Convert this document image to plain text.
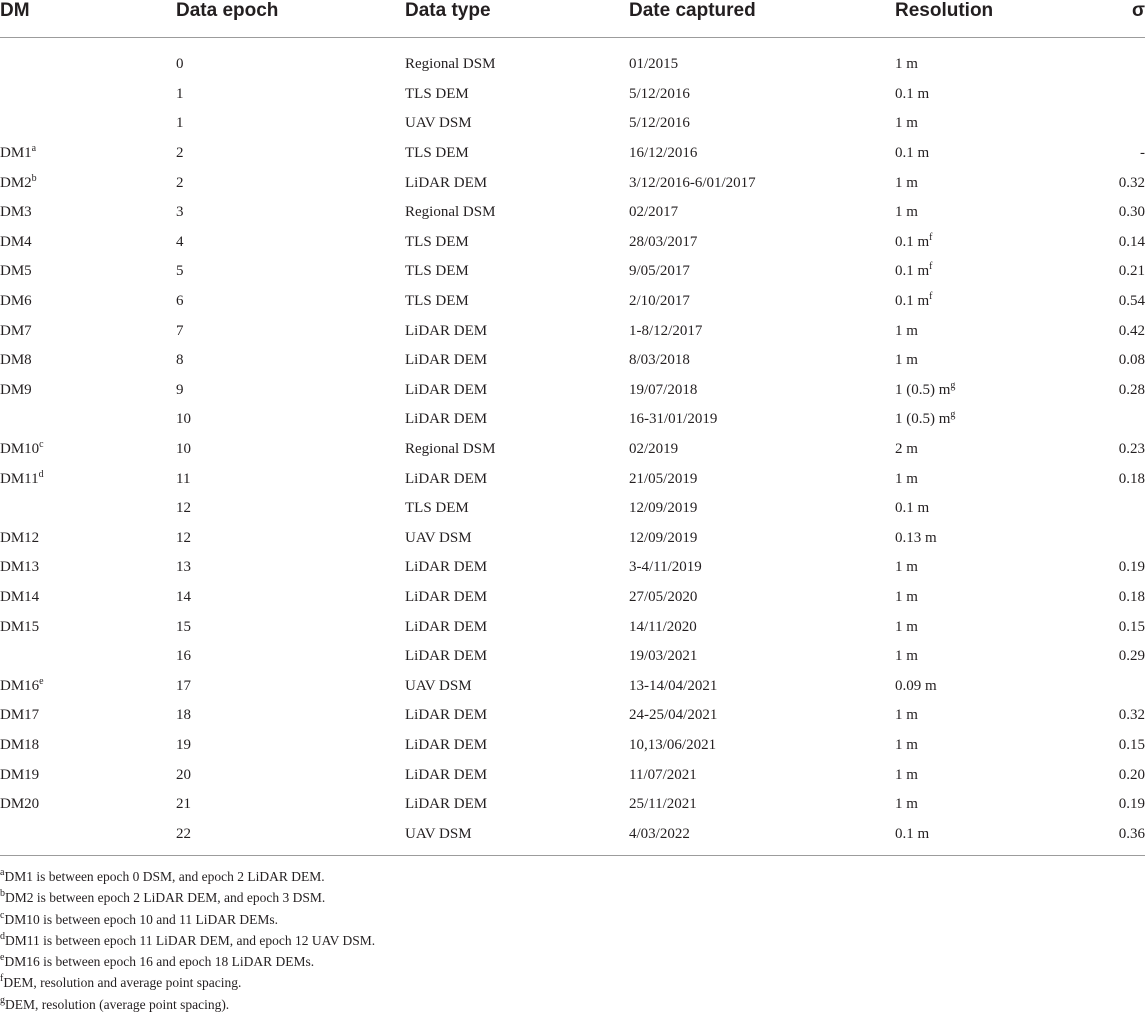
DM	Data epoch	Data type	Date captured	Resolution	σ
	0	Regional DSM	01/2015	1 m	
	1	TLS DEM	5/12/2016	0.1 m	
	1	UAV DSM	5/12/2016	1 m	
DM1$^a$	2	TLS DEM	16/12/2016	0.1 m	-
DM2$^b$	2	LiDAR DEM	3/12/2016-6/01/2017	1 m	0.32
DM3	3	Regional DSM	02/2017	1 m	0.30
DM4	4	TLS DEM	28/03/2017	0.1 $m^f$	0.14
DM5	5	TLS DEM	9/05/2017	0.1 $m^f$	0.21
DM6	6	TLS DEM	2/10/2017	0.1 $m^f$	0.54
DM7	7	LiDAR DEM	1-8/12/2017	1 m	0.42
DM8	8	LiDAR DEM	8/03/2018	1 m	0.08
DM9	9	LiDAR DEM	19/07/2018	1 (0.5) $m^g$	0.28
	10	LiDAR DEM	16-31/01/2019	1 (0.5) $m^g$	
DM10$^c$	10	Regional DSM	02/2019	2 m	0.23
DM11$^d$	11	LiDAR DEM	21/05/2019	1 m	0.18
	12	TLS DEM	12/09/2019	0.1 m	
DM12	12	UAV DSM	12/09/2019	0.13 m	
DM13	13	LiDAR DEM	3-4/11/2019	1 m	0.19
DM14	14	LiDAR DEM	27/05/2020	1 m	0.18
DM15	15	LiDAR DEM	14/11/2020	1 m	0.15
	16	LiDAR DEM	19/03/2021	1 m	0.29
DM16e	17	UAV DSM	13-14/04/2021	0.09 m	
DM17	18	LiDAR DEM	24-25/04/2021	1 m	0.32
DM18	19	LiDAR DEM	10,13/06/2021	1 m	0.15
DM19	20	LiDAR DEM	11/07/2021	1 m	0.20
DM20	21	LiDAR DEM	25/11/2021	1 m	0.19
	22	UAV DSM	4/03/2022	0.1 m	0.36
$^a$DM1 is between epoch 0 DSM, and epoch 2 LiDAR DEM.
$^b$DM2 is between epoch 2 LiDAR DEM, and epoch 3 DSM.
$^c$DM10 is between epoch 10 and 11 LiDAR DEMs.
$^d$DM11 is between epoch 11 LiDAR DEM, and epoch 12 UAV DSM.
$^e$DM16 is between epoch 16 and epoch 18 LiDAR DEMs.
$^f$DEM, resolution and average point spacing.
$^g$DEM, resolution (average point spacing).
